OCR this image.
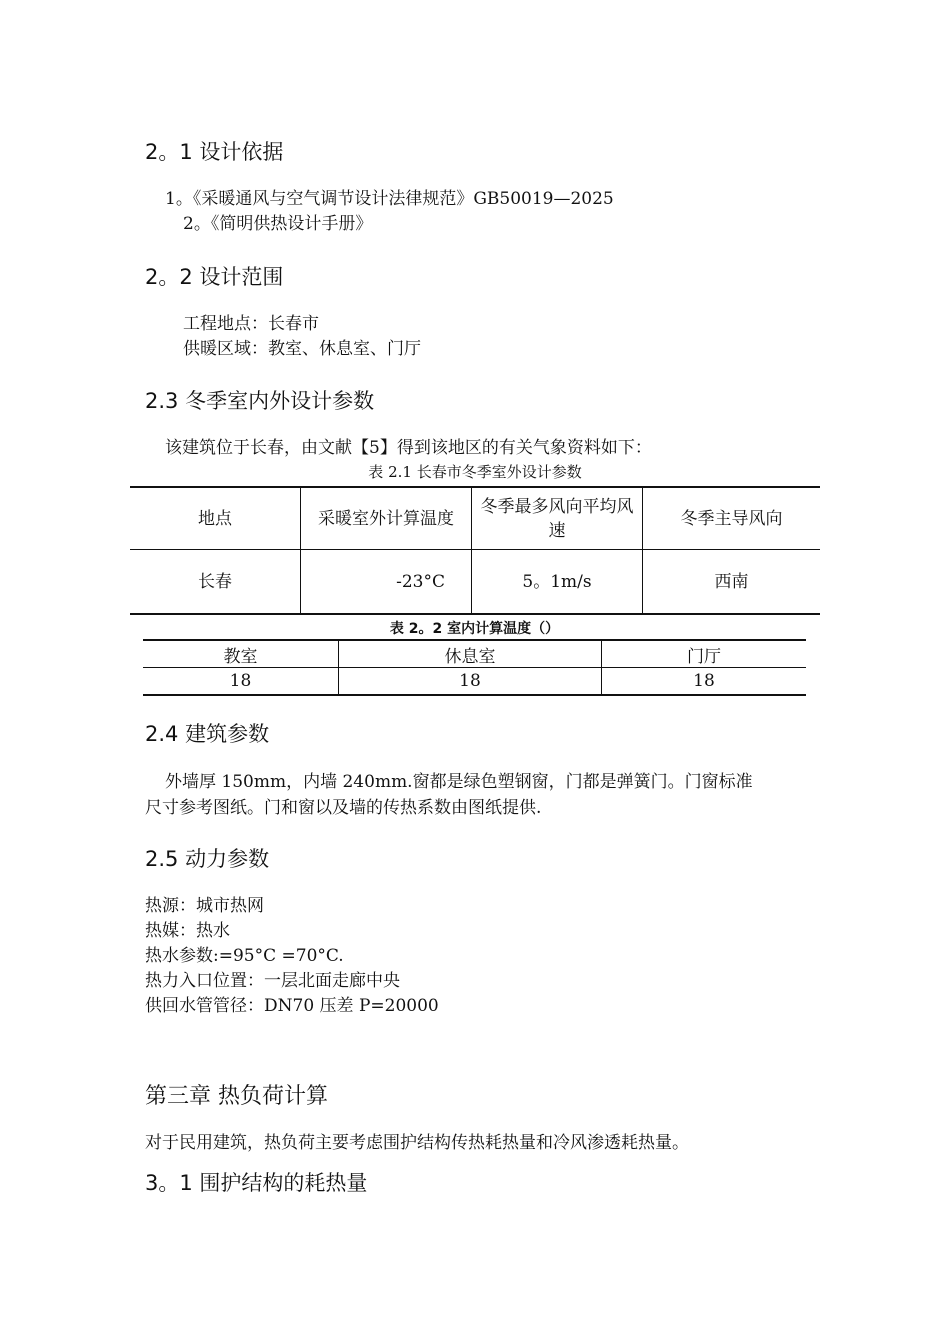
2。1 设计依据
1。《采暖通风与空气调节设计法律规范》GB50019—2025
2。《简明供热设计手册》
2。2 设计范围
工程地点：长春市
供暖区域：教室、休息室、门厅
2.3 冬季室内外设计参数
该建筑位于长春，由文献【5】得到该地区的有关气象资料如下：
表 2.1 长春市冬季室外设计参数
地点	采暖室外计算温度	冬季最多风向平均风速	冬季主导风向
长春	-23°C	5。1m/s	西南
表 2。2 室内计算温度（）
教室	休息室	门厅
18	18	18
2.4 建筑参数
外墙厚 150mm，内墙 240mm.窗都是绿色塑钢窗，门都是弹簧门。门窗标准
尺寸参考图纸。门和窗以及墙的传热系数由图纸提供.
2.5 动力参数
热源：城市热网
热媒：热水
热水参数:=95°C =70°C.
热力入口位置：一层北面走廊中央
供回水管管径：DN70 压差 P=20000
第三章 热负荷计算
对于民用建筑，热负荷主要考虑围护结构传热耗热量和冷风渗透耗热量。
3。1 围护结构的耗热量
